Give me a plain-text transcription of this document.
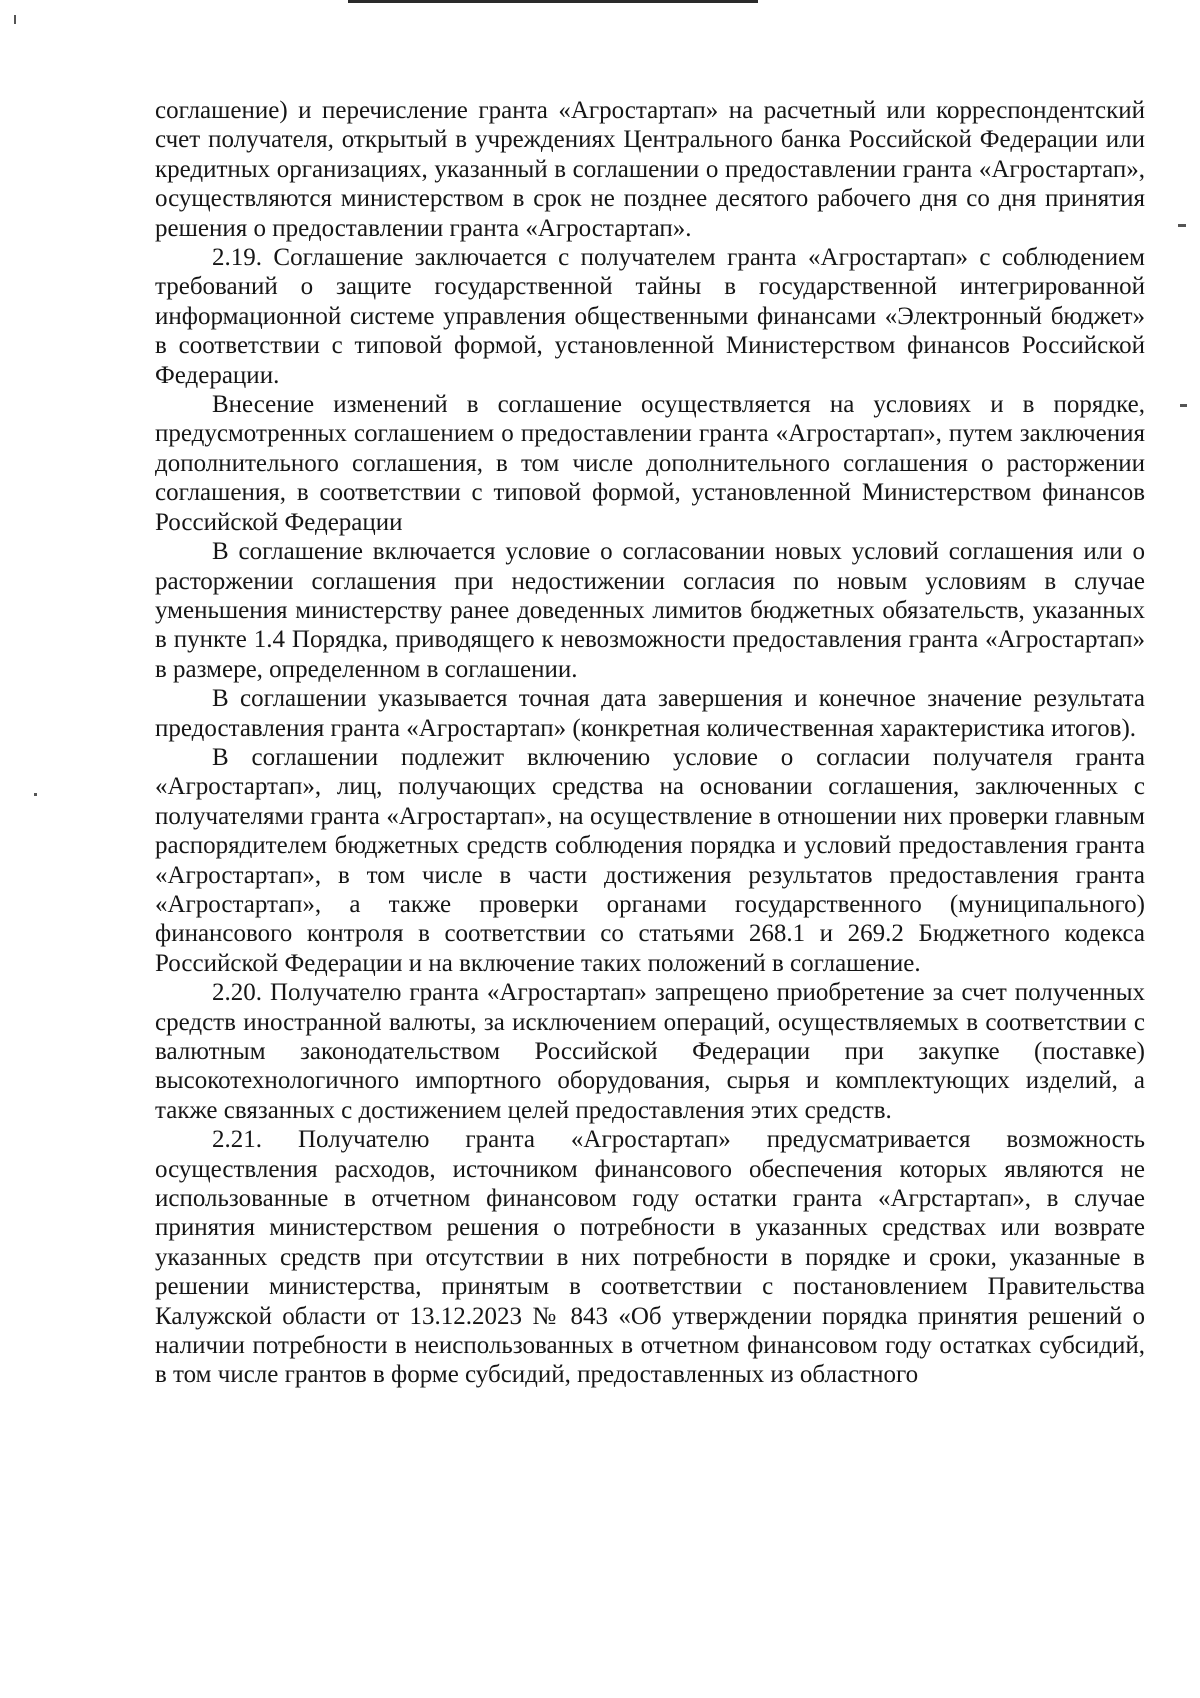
соглашение) и перечисление гранта «Агростартап» на расчетный или корреспондентский счет получателя, открытый в учреждениях Центрального банка Российской Федерации или кредитных организациях, указанный в соглашении о предоставлении гранта «Агростартап», осуществляются министерством в срок не позднее десятого рабочего дня со дня принятия решения о предоставлении гранта «Агростартап».

2.19. Соглашение заключается с получателем гранта «Агростартап» с соблюдением требований о защите государственной тайны в государственной интегрированной информационной системе управления общественными финансами «Электронный бюджет» в соответствии с типовой формой, установленной Министерством финансов Российской Федерации.

Внесение изменений в соглашение осуществляется на условиях и в порядке, предусмотренных соглашением о предоставлении гранта «Агростартап», путем заключения дополнительного соглашения, в том числе дополнительного соглашения о расторжении соглашения, в соответствии с типовой формой, установленной Министерством финансов Российской Федерации

В соглашение включается условие о согласовании новых условий соглашения или о расторжении соглашения при недостижении согласия по новым условиям в случае уменьшения министерству ранее доведенных лимитов бюджетных обязательств, указанных в пункте 1.4 Порядка, приводящего к невозможности предоставления гранта «Агростартап» в размере, определенном в соглашении.

В соглашении указывается точная дата завершения и конечное значение результата предоставления гранта «Агростартап» (конкретная количественная характеристика итогов).

В соглашении подлежит включению условие о согласии получателя гранта «Агростартап», лиц, получающих средства на основании соглашения, заключенных с получателями гранта «Агростартап», на осуществление в отношении них проверки главным распорядителем бюджетных средств соблюдения порядка и условий предоставления гранта «Агростартап», в том числе в части достижения результатов предоставления гранта «Агростартап», а также проверки органами государственного (муниципального) финансового контроля в соответствии со статьями 268.1 и 269.2 Бюджетного кодекса Российской Федерации и на включение таких положений в соглашение.

2.20. Получателю гранта «Агростартап» запрещено приобретение за счет полученных средств иностранной валюты, за исключением операций, осуществляемых в соответствии с валютным законодательством Российской Федерации при закупке (поставке) высокотехнологичного импортного оборудования, сырья и комплектующих изделий, а также связанных с достижением целей предоставления этих средств.

2.21. Получателю гранта «Агростартап» предусматривается возможность осуществления расходов, источником финансового обеспечения которых являются не использованные в отчетном финансовом году остатки гранта «Агрстартап», в случае принятия министерством решения о потребности в указанных средствах или возврате указанных средств при отсутствии в них потребности в порядке и сроки, указанные в решении министерства, принятым в соответствии с постановлением Правительства Калужской области от 13.12.2023 № 843 «Об утверждении порядка принятия решений о наличии потребности в неиспользованных в отчетном финансовом году остатках субсидий, в том числе грантов в форме субсидий, предоставленных из областного
